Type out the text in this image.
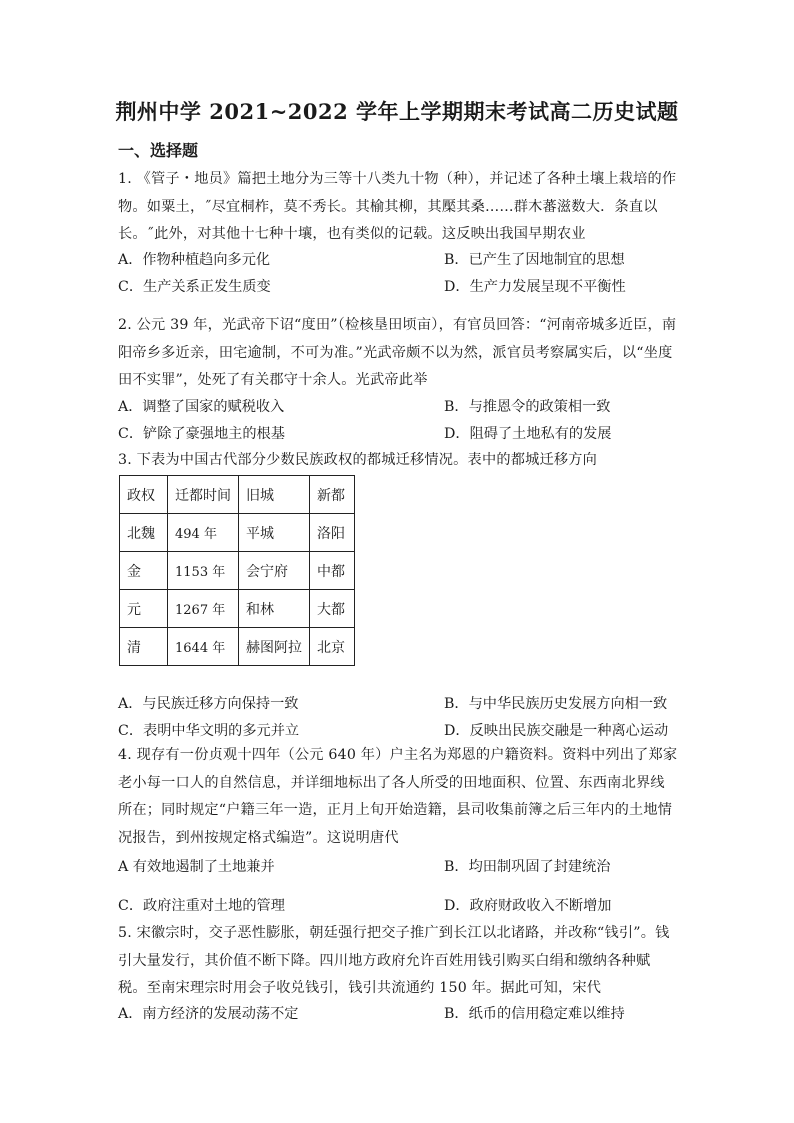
荆州中学 2021~2022 学年上学期期末考试高二历史试题
一、选择题
1. 《管子・地员》篇把土地分为三等十八类九十物（种），并记述了各种土壤上栽培的作物。如粟土，˝尽宜桐柞，莫不秀长。其榆其柳，其檿其桑……群木蕃滋数大．条直以长。˝此外，对其他十七种十壤，也有类似的记载。这反映出我国早期农业
A．作物种植趋向多元化	B．已产生了因地制宜的思想
C．生产关系正发生质变	D．生产力发展呈现不平衡性
2. 公元 39 年，光武帝下诏“度田”（检核垦田顷亩），有官员回答：“河南帝城多近臣，南阳帝乡多近亲，田宅逾制，不可为准。”光武帝颇不以为然，派官员考察属实后，以“坐度田不实罪”，处死了有关郡守十余人。光武帝此举
A．调整了国家的赋税收入	B．与推恩令的政策相一致
C．铲除了豪强地主的根基	D．阻碍了土地私有的发展
3. 下表为中国古代部分少数民族政权的都城迁移情况。表中的都城迁移方向
政权	迁都时间	旧城	新都
北魏	494 年	平城	洛阳
金	1153 年	会宁府	中都
元	1267 年	和林	大都
清	1644 年	赫图阿拉	北京
A．与民族迁移方向保持一致	B．与中华民族历史发展方向相一致
C．表明中华文明的多元并立	D．反映出民族交融是一种离心运动
4. 现存有一份贞观十四年（公元 640 年）户主名为郑恩的户籍资料。资料中列出了郑家老小每一口人的自然信息，并详细地标出了各人所受的田地面积、位置、东西南北界线所在；同时规定“户籍三年一造，正月上旬开始造籍，县司收集前簿之后三年内的土地情况报告，到州按规定格式编造”。这说明唐代
A 有效地遏制了土地兼并	B．均田制巩固了封建统治
C．政府注重对土地的管理	D．政府财政收入不断增加
5. 宋徽宗时，交子恶性膨胀，朝廷强行把交子推广到长江以北诸路，并改称“钱引”。钱引大量发行，其价值不断下降。四川地方政府允许百姓用钱引购买白绢和缴纳各种赋税。至南宋理宗时用会子收兑钱引，钱引共流通约 150 年。据此可知，宋代
A．南方经济的发展动荡不定	B．纸币的信用稳定难以维持
